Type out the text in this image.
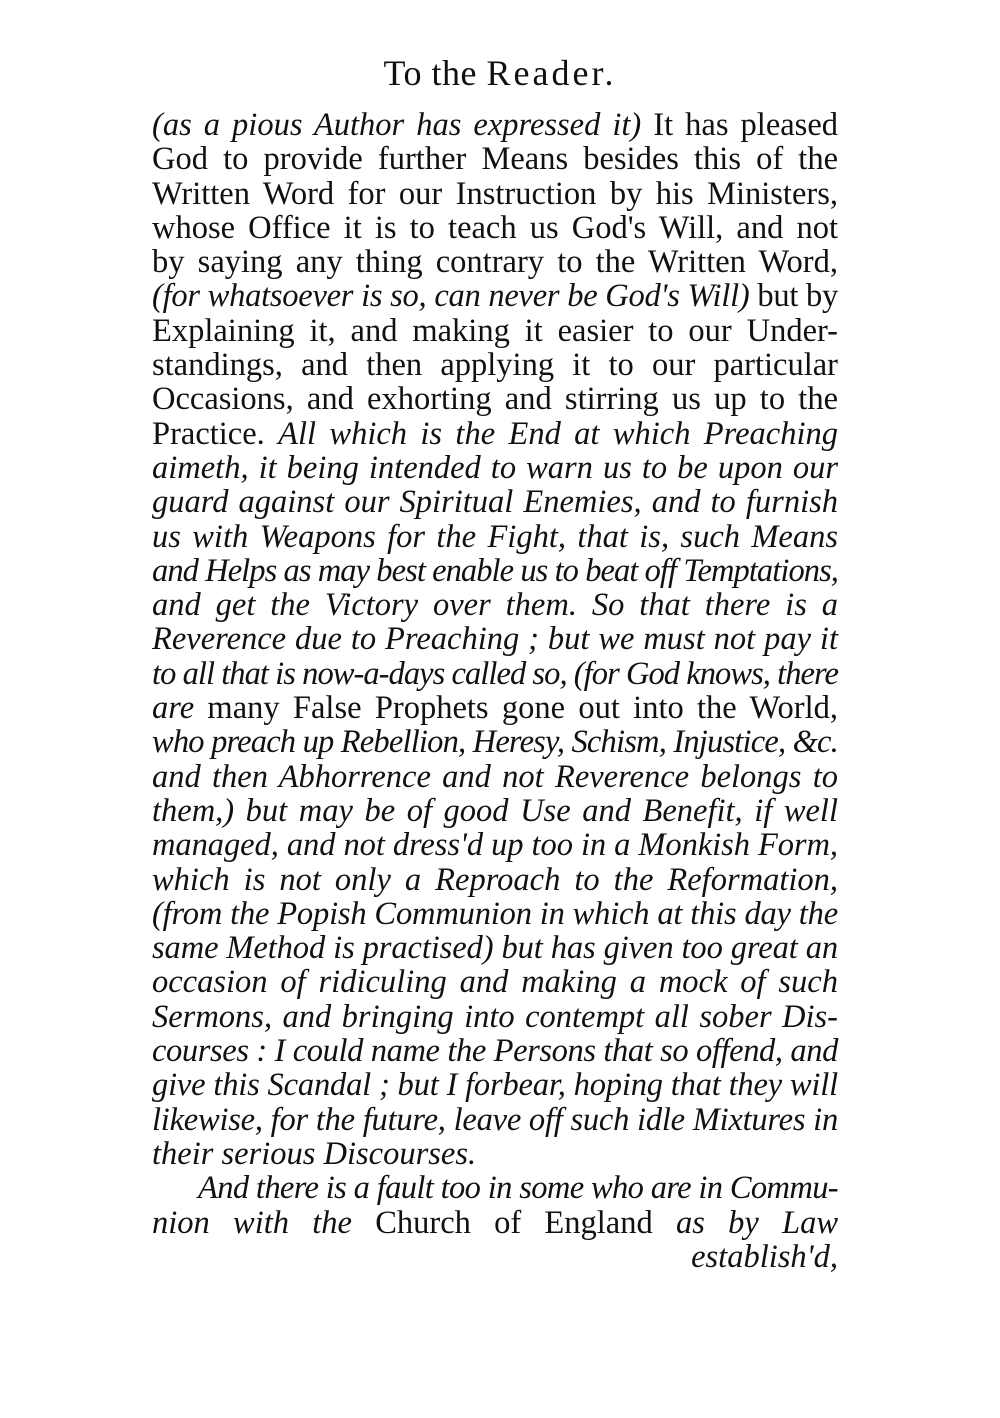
To the Reader.
(as a pious Author has expressed it) It has pleased
God to provide further Means besides this of the
Written Word for our Instruction by his Ministers,
whose Office it is to teach us God's Will, and not
by saying any thing contrary to the Written Word,
(for whatsoever is so, can never be God's Will) but by
Explaining it, and making it easier to our Under-
standings, and then applying it to our particular
Occasions, and exhorting and stirring us up to the
Practice. All which is the End at which Preaching
aimeth, it being intended to warn us to be upon our
guard against our Spiritual Enemies, and to furnish
us with Weapons for the Fight, that is, such Means
and Helps as may best enable us to beat off Temptations,
and get the Victory over them. So that there is a
Reverence due to Preaching ; but we must not pay it
to all that is now-a-days called so, (for God knows, there
are many False Prophets gone out into the World,
who preach up Rebellion, Heresy, Schism, Injustice, &c.
and then Abhorrence and not Reverence belongs to
them,) but may be of good Use and Benefit, if well
managed, and not dress'd up too in a Monkish Form,
which is not only a Reproach to the Reformation,
(from the Popish Communion in which at this day the
same Method is practised) but has given too great an
occasion of ridiculing and making a mock of such
Sermons, and bringing into contempt all sober Dis-
courses : I could name the Persons that so offend, and
give this Scandal ; but I forbear, hoping that they will
likewise, for the future, leave off such idle Mixtures in
their serious Discourses.
And there is a fault too in some who are in Commu-
nion with the Church of England as by Law
establish'd,
